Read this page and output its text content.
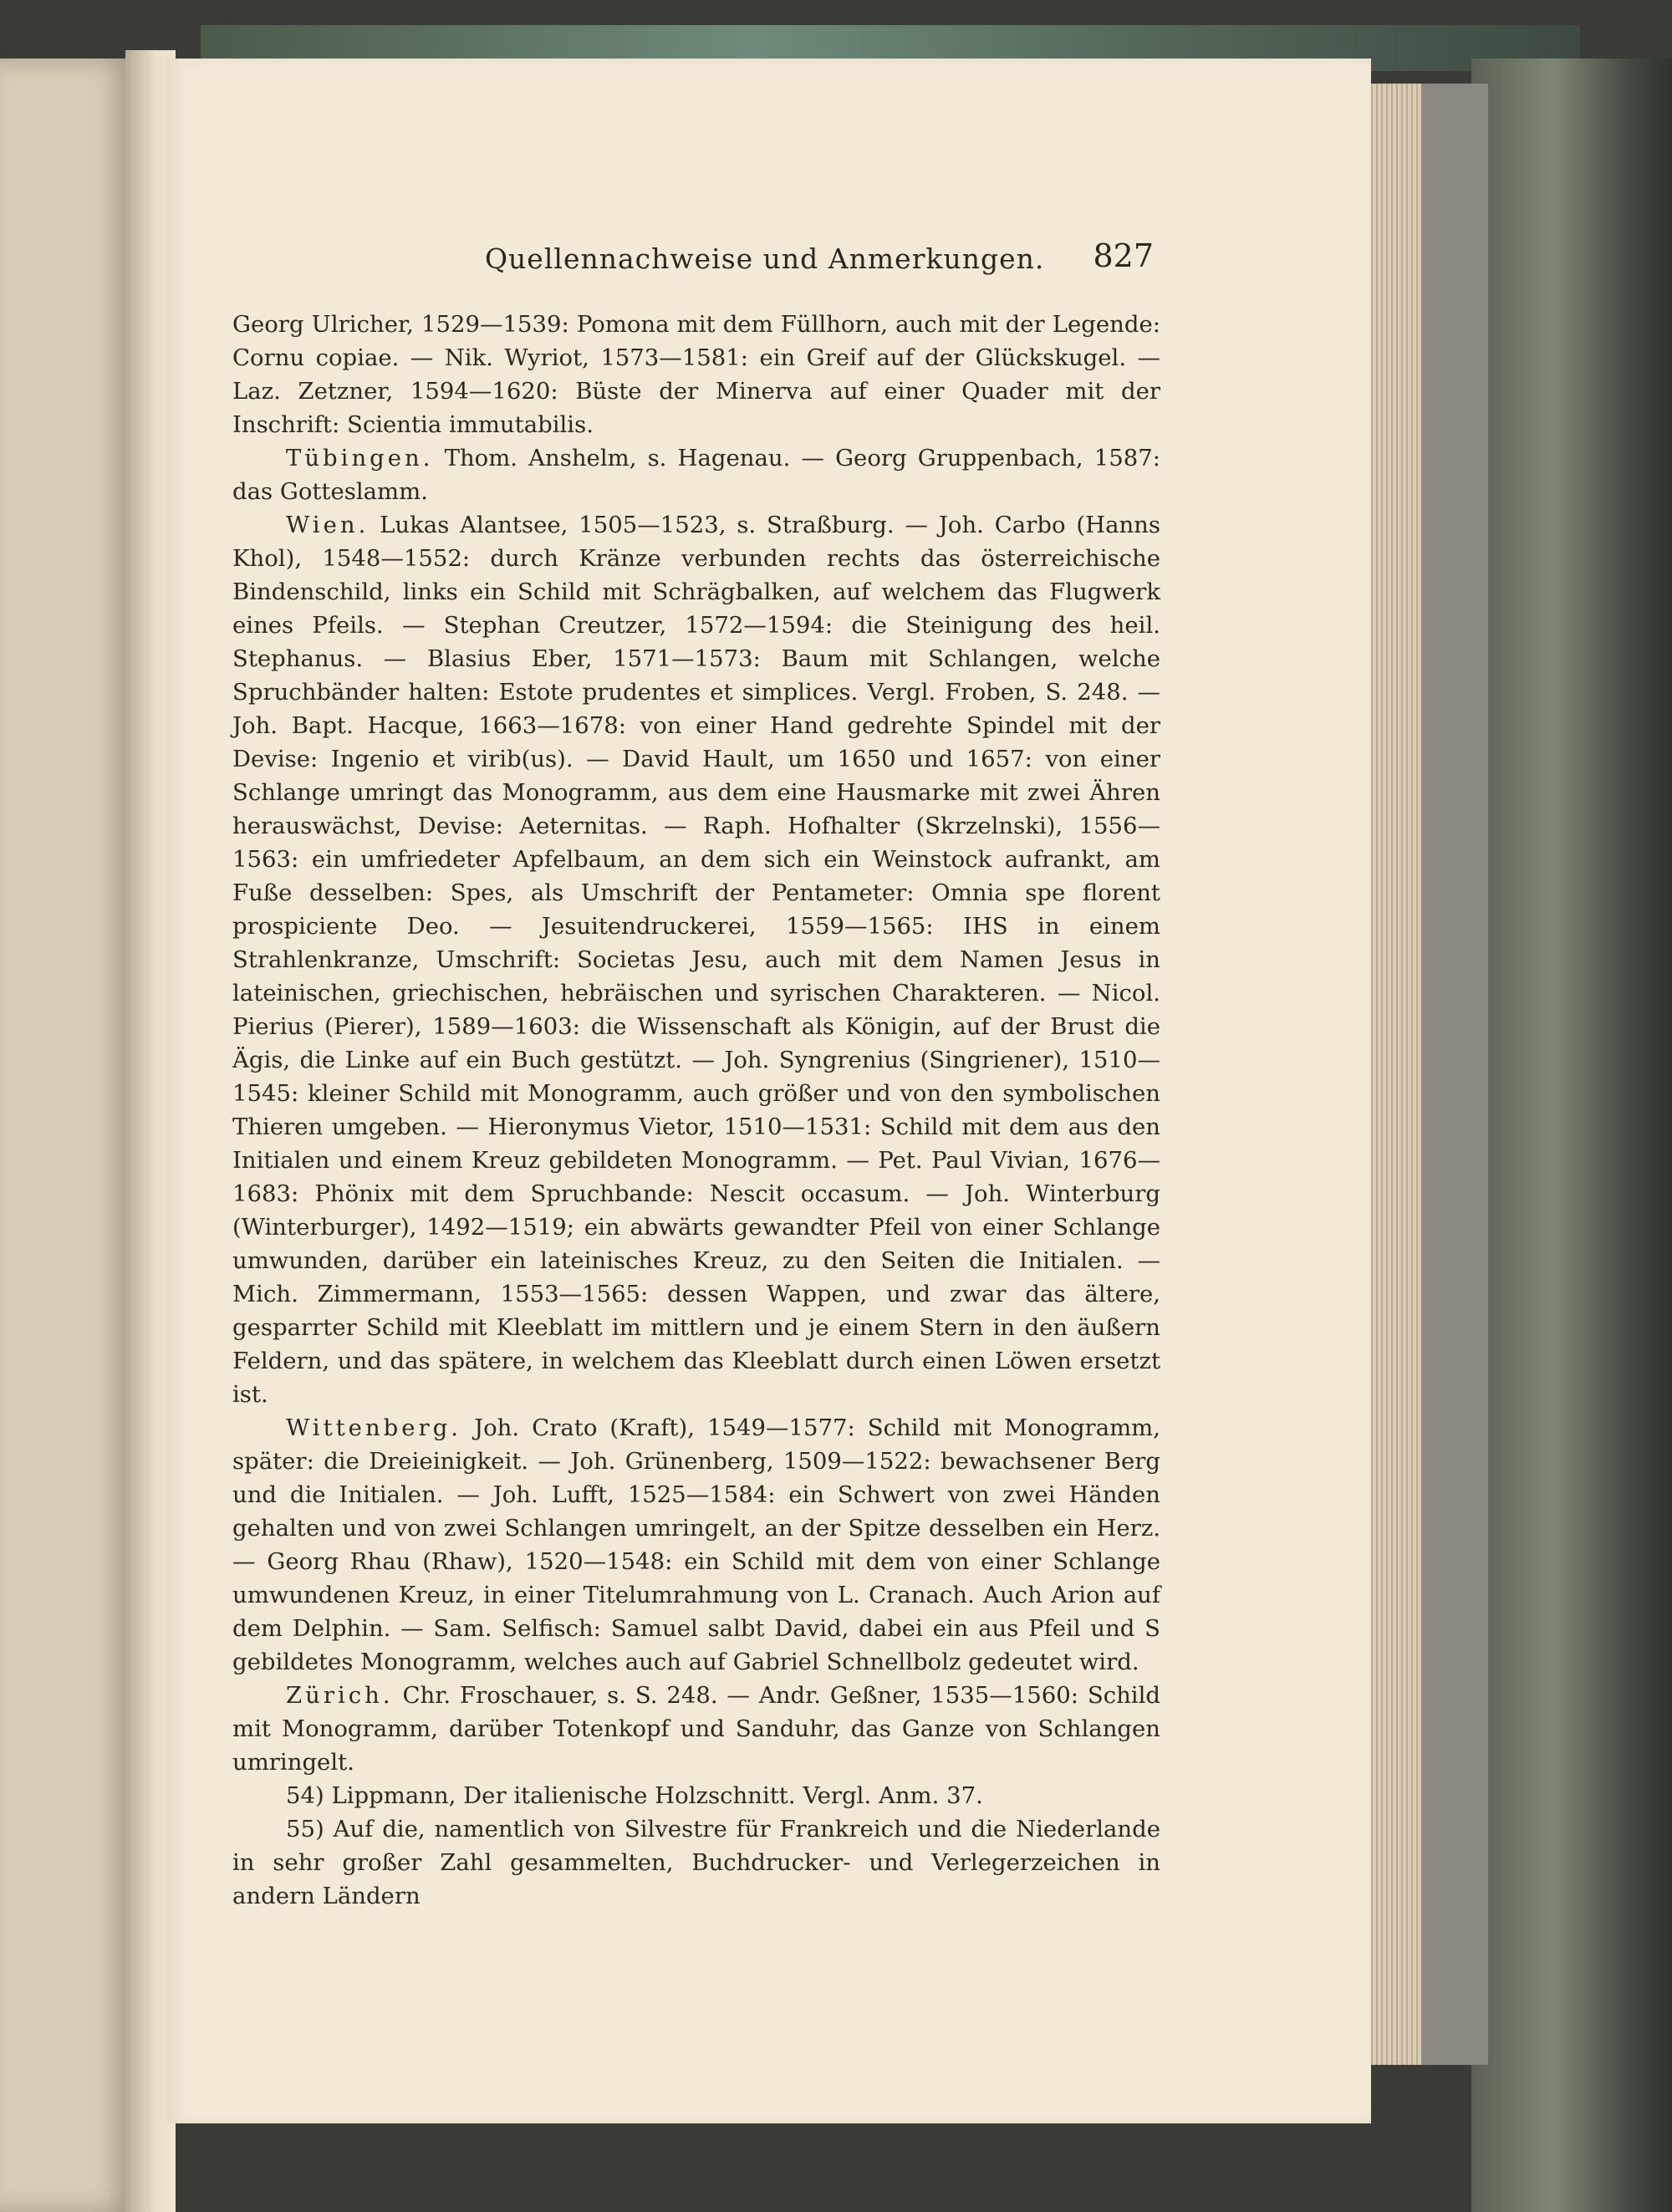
Quellennachweise und Anmerkungen. 827

Georg Ulricher, 1529—1539: Pomona mit dem Füllhorn, auch mit der Legende: Cornu copiae. — Nik. Wyriot, 1573—1581: ein Greif auf der Glückskugel. — Laz. Zetzner, 1594—1620: Büste der Minerva auf einer Quader mit der Inschrift: Scientia immutabilis.

Tübingen. Thom. Anshelm, s. Hagenau. — Georg Gruppenbach, 1587: das Gotteslamm.

Wien. Lukas Alantsee, 1505—1523, s. Straßburg. — Joh. Carbo (Hanns Khol), 1548—1552: durch Kränze verbunden rechts das österreichische Bindenschild, links ein Schild mit Schrägbalken, auf welchem das Flugwerk eines Pfeils. — Stephan Creutzer, 1572—1594: die Steinigung des heil. Stephanus. — Blasius Eber, 1571—1573: Baum mit Schlangen, welche Spruchbänder halten: Estote prudentes et simplices. Vergl. Froben, S. 248. — Joh. Bapt. Hacque, 1663—1678: von einer Hand gedrehte Spindel mit der Devise: Ingenio et virib(us). — David Hault, um 1650 und 1657: von einer Schlange umringt das Monogramm, aus dem eine Hausmarke mit zwei Ähren herauswächst, Devise: Aeternitas. — Raph. Hofhalter (Skrzelnski), 1556—1563: ein umfriedeter Apfelbaum, an dem sich ein Weinstock aufrankt, am Fuße desselben: Spes, als Umschrift der Pentameter: Omnia spe florent prospiciente Deo. — Jesuitendruckerei, 1559—1565: IHS in einem Strahlenkranze, Umschrift: Societas Jesu, auch mit dem Namen Jesus in lateinischen, griechischen, hebräischen und syrischen Charakteren. — Nicol. Pierius (Pierer), 1589—1603: die Wissenschaft als Königin, auf der Brust die Ägis, die Linke auf ein Buch gestützt. — Joh. Syngrenius (Singriener), 1510—1545: kleiner Schild mit Monogramm, auch größer und von den symbolischen Thieren umgeben. — Hieronymus Vietor, 1510—1531: Schild mit dem aus den Initialen und einem Kreuz gebildeten Monogramm. — Pet. Paul Vivian, 1676—1683: Phönix mit dem Spruchbande: Nescit occasum. — Joh. Winterburg (Winterburger), 1492—1519; ein abwärts gewandter Pfeil von einer Schlange umwunden, darüber ein lateinisches Kreuz, zu den Seiten die Initialen. — Mich. Zimmermann, 1553—1565: dessen Wappen, und zwar das ältere, gesparrter Schild mit Kleeblatt im mittlern und je einem Stern in den äußern Feldern, und das spätere, in welchem das Kleeblatt durch einen Löwen ersetzt ist.

Wittenberg. Joh. Crato (Kraft), 1549—1577: Schild mit Monogramm, später: die Dreieinigkeit. — Joh. Grünenberg, 1509—1522: bewachsener Berg und die Initialen. — Joh. Lufft, 1525—1584: ein Schwert von zwei Händen gehalten und von zwei Schlangen umringelt, an der Spitze desselben ein Herz. — Georg Rhau (Rhaw), 1520—1548: ein Schild mit dem von einer Schlange umwundenen Kreuz, in einer Titelumrahmung von L. Cranach. Auch Arion auf dem Delphin. — Sam. Selfisch: Samuel salbt David, dabei ein aus Pfeil und S gebildetes Monogramm, welches auch auf Gabriel Schnellbolz gedeutet wird.

Zürich. Chr. Froschauer, s. S. 248. — Andr. Geßner, 1535—1560: Schild mit Monogramm, darüber Totenkopf und Sanduhr, das Ganze von Schlangen umringelt.

54) Lippmann, Der italienische Holzschnitt. Vergl. Anm. 37.

55) Auf die, namentlich von Silvestre für Frankreich und die Niederlande in sehr großer Zahl gesammelten, Buchdrucker- und Verlegerzeichen in andern Ländern
